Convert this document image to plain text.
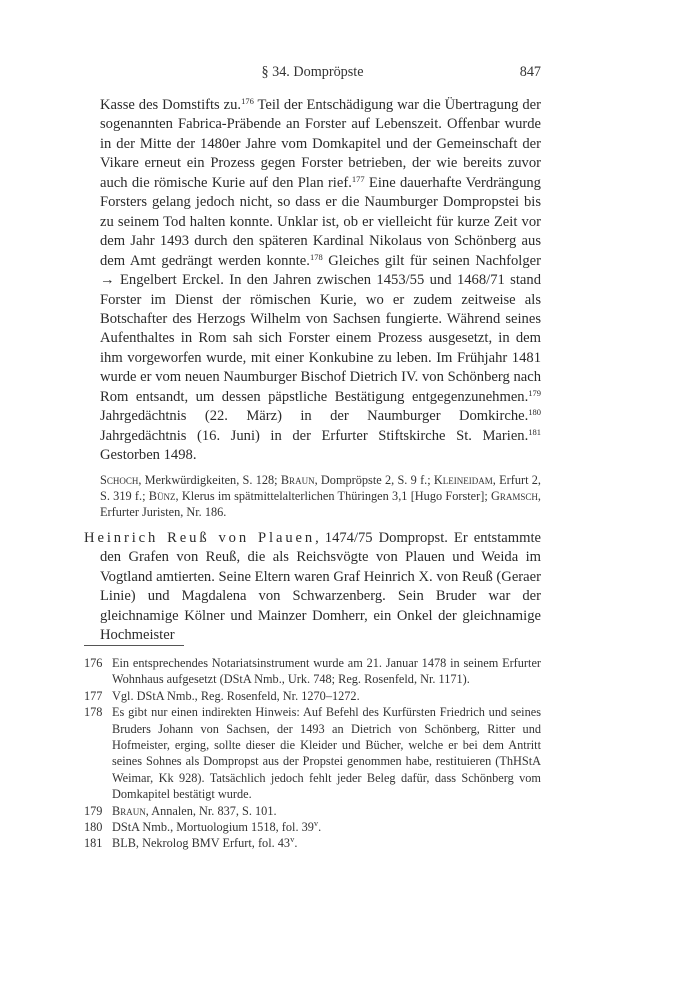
§ 34. Domprӧpste	847

Kasse des Domstifts zu.$^{176}$ Teil der Entschädigung war die Übertragung der sogenannten Fabrica-Präbende an Forster auf Lebenszeit. Offenbar wurde in der Mitte der 1480er Jahre vom Domkapitel und der Gemeinschaft der Vikare erneut ein Prozess gegen Forster betrieben, der wie bereits zuvor auch die römische Kurie auf den Plan rief.$^{177}$ Eine dauerhafte Verdrängung Forsters gelang jedoch nicht, so dass er die Naumburger Dompropstei bis zu seinem Tod halten konnte. Unklar ist, ob er vielleicht für kurze Zeit vor dem Jahr 1493 durch den späteren Kardinal Nikolaus von Schönberg aus dem Amt gedrängt werden konnte.$^{178}$ Gleiches gilt für seinen Nachfolger → Engelbert Erckel. In den Jahren zwischen 1453/55 und 1468/71 stand Forster im Dienst der römischen Kurie, wo er zudem zeitweise als Botschafter des Herzogs Wilhelm von Sachsen fungierte. Während seines Aufenthaltes in Rom sah sich Forster einem Prozess ausgesetzt, in dem ihm vorgeworfen wurde, mit einer Konkubine zu leben. Im Frühjahr 1481 wurde er vom neuen Naumburger Bischof Dietrich IV. von Schönberg nach Rom entsandt, um dessen päpstliche Bestätigung entgegenzunehmen.$^{179}$ Jahrgedächtnis (22. März) in der Naumburger Domkirche.$^{180}$ Jahrgedächtnis (16. Juni) in der Erfurter Stiftskirche St. Marien.$^{181}$ Gestorben 1498.

Schoch, Merkwürdigkeiten, S. 128; Braun, Dompröpste 2, S. 9 f.; Kleineidam, Erfurt 2, S. 319 f.; Bünz, Klerus im spätmittelalterlichen Thüringen 3,1 [Hugo Forster]; Gramsch, Erfurter Juristen, Nr. 186.

Heinrich Reuß von Plauen, 1474/75 Dompropst. Er entstammte den Grafen von Reuß, die als Reichsvögte von Plauen und Weida im Vogtland amtierten. Seine Eltern waren Graf Heinrich X. von Reuß (Geraer Linie) und Magdalena von Schwarzenberg. Sein Bruder war der gleichnamige Kölner und Mainzer Domherr, ein Onkel der gleichnamige Hochmeister

176 Ein entsprechendes Notariatsinstrument wurde am 21. Januar 1478 in seinem Erfurter Wohnhaus aufgesetzt (DStA Nmb., Urk. 748; Reg. Rosenfeld, Nr. 1171).

177 Vgl. DStA Nmb., Reg. Rosenfeld, Nr. 1270–1272.

178 Es gibt nur einen indirekten Hinweis: Auf Befehl des Kurfürsten Friedrich und seines Bruders Johann von Sachsen, der 1493 an Dietrich von Schönberg, Ritter und Hofmeister, erging, sollte dieser die Kleider und Bücher, welche er bei dem Antritt seines Sohnes als Dompropst aus der Propstei genommen habe, restituieren (ThHStA Weimar, Kk 928). Tatsächlich jedoch fehlt jeder Beleg dafür, dass Schönberg vom Domkapitel bestätigt wurde.

179 Braun, Annalen, Nr. 837, S. 101.

180 DStA Nmb., Mortuologium 1518, fol. 39$^v$.

181 BLB, Nekrolog BMV Erfurt, fol. 43$^v$.
